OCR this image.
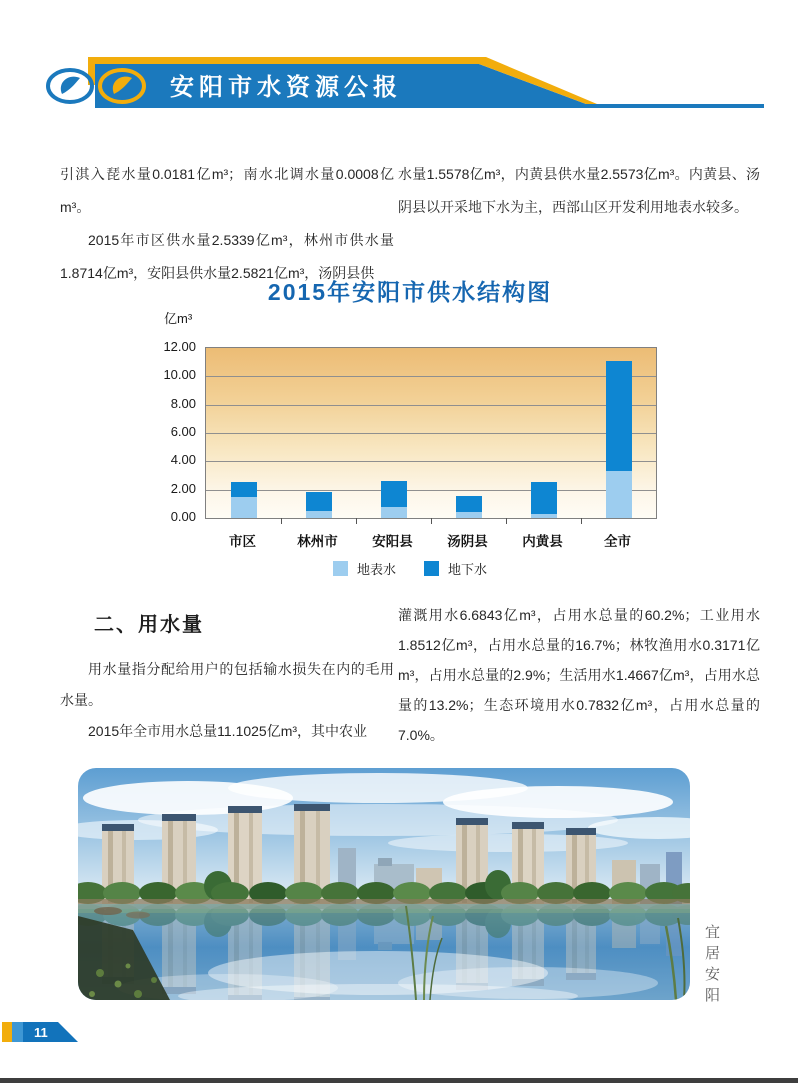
安阳市水资源公报

引淇入琵水量0.0181亿m³；南水北调水量0.0008亿m³。

2015年市区供水量2.5339亿m³，林州市供水量1.8714亿m³，安阳县供水量2.5821亿m³，汤阴县供

水量1.5578亿m³，内黄县供水量2.5573亿m³。内黄县、汤阴县以开采地下水为主，西部山区开发利用地表水较多。

2015年安阳市供水结构图
亿m³
0.00
2.00
4.00
6.00
8.00
10.00
12.00
市区	林州市	安阳县	汤阴县	内黄县	全市
地表水	地下水
二、用水量

用水量指分配给用户的包括输水损失在内的毛用水量。

2015年全市用水总量11.1025亿m³，其中农业

灌溉用水6.6843亿m³，占用水总量的60.2%；工业用水1.8512亿m³，占用水总量的16.7%；林牧渔用水0.3171亿m³，占用水总量的2.9%；生活用水1.4667亿m³，占用水总量的13.2%；生态环境用水0.7832亿m³，占用水总量的7.0%。

宜居安阳
11
